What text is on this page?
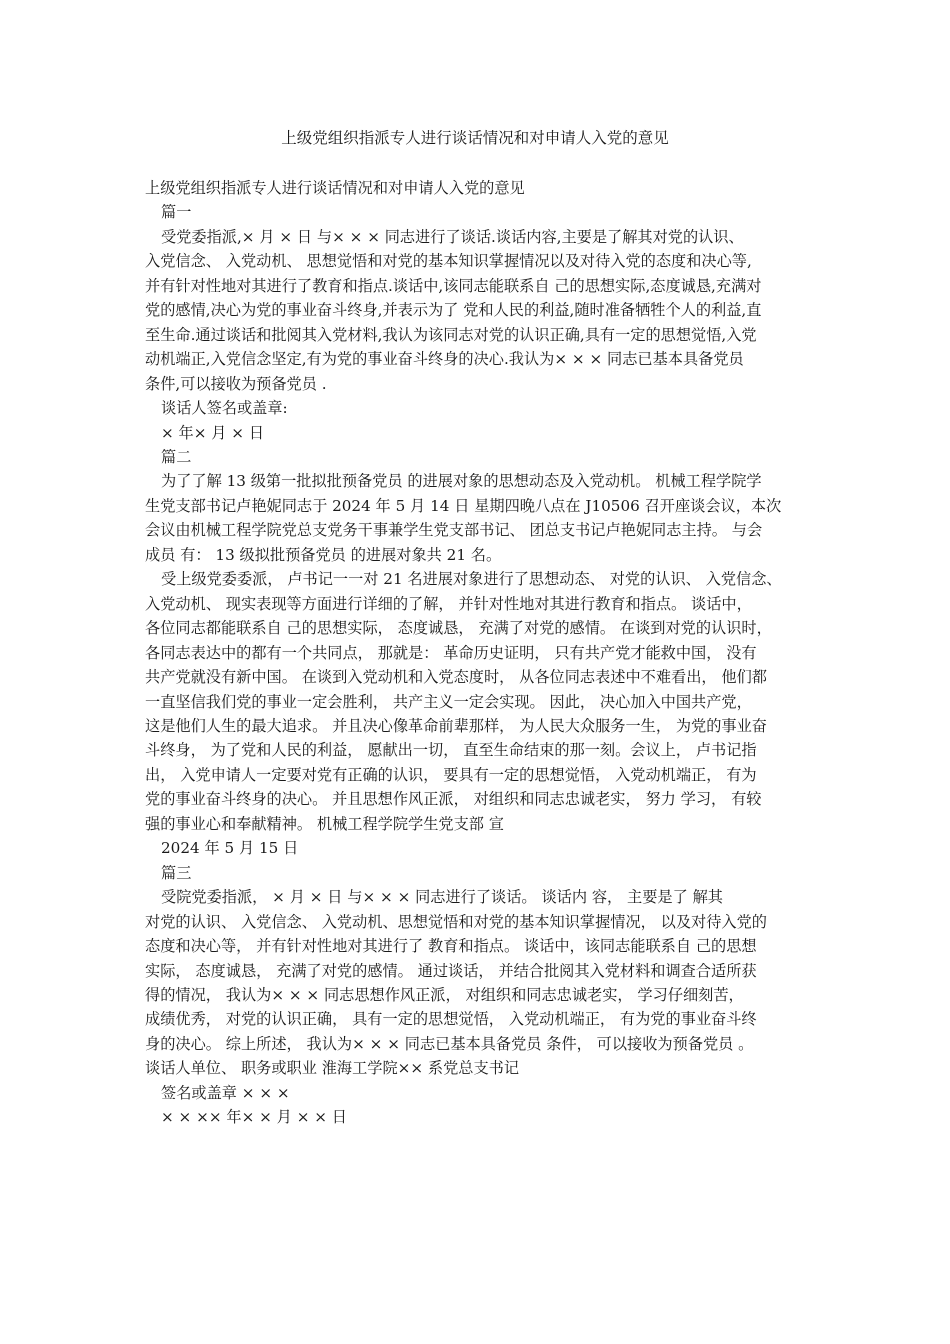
上级党组织指派专人进行谈话情况和对申请人入党的意见

上级党组织指派专人进行谈话情况和对申请人入党的意见

篇一

受党委指派,× 月 × 日 与× × × 同志进行了谈话.谈话内容,主要是了解其对党的认识、

入党信念、 入党动机、 思想觉悟和对党的基本知识掌握情况以及对待入党的态度和决心等,

并有针对性地对其进行了教育和指点.谈话中,该同志能联系自 己的思想实际,态度诚恳,充满对

党的感情,决心为党的事业奋斗终身,并表示为了 党和人民的利益,随时准备牺牲个人的利益,直

至生命.通过谈话和批阅其入党材料,我认为该同志对党的认识正确,具有一定的思想觉悟,入党

动机端正,入党信念坚定,有为党的事业奋斗终身的决心.我认为× × × 同志已基本具备党员

条件,可以接收为预备党员 .

谈话人签名或盖章:

× 年× 月 × 日

篇二

为了了解 13 级第一批拟批预备党员 的进展对象的思想动态及入党动机。 机械工程学院学

生党支部书记卢艳妮同志于 2024 年 5 月 14 日 星期四晚八点在 J10506 召开座谈会议，本次

会议由机械工程学院党总支党务干事兼学生党支部书记、 团总支书记卢艳妮同志主持。 与会

成员 有： 13 级拟批预备党员 的进展对象共 21 名。

受上级党委委派， 卢书记一一对 21 名进展对象进行了思想动态、 对党的认识、 入党信念、

入党动机、 现实表现等方面进行详细的了解， 并针对性地对其进行教育和指点。 谈话中，

各位同志都能联系自 己的思想实际， 态度诚恳， 充满了对党的感情。 在谈到对党的认识时，

各同志表达中的都有一个共同点， 那就是： 革命历史证明， 只有共产党才能救中国， 没有

共产党就没有新中国。 在谈到入党动机和入党态度时， 从各位同志表述中不难看出， 他们都

一直坚信我们党的事业一定会胜利， 共产主义一定会实现。 因此， 决心加入中国共产党，

这是他们人生的最大追求。 并且决心像革命前辈那样， 为人民大众服务一生， 为党的事业奋

斗终身， 为了党和人民的利益， 愿献出一切， 直至生命结束的那一刻。会议上， 卢书记指

出， 入党申请人一定要对党有正确的认识， 要具有一定的思想觉悟， 入党动机端正， 有为

党的事业奋斗终身的决心。 并且思想作风正派， 对组织和同志忠诚老实， 努力 学习， 有较

强的事业心和奉献精神。 机械工程学院学生党支部 宣

2024 年 5 月 15 日

篇三

受院党委指派， × 月 × 日 与× × × 同志进行了谈话。 谈话内 容， 主要是了 解其

对党的认识、 入党信念、 入党动机、思想觉悟和对党的基本知识掌握情况， 以及对待入党的

态度和决心等， 并有针对性地对其进行了 教育和指点。 谈话中，该同志能联系自 己的思想

实际， 态度诚恳， 充满了对党的感情。 通过谈话， 并结合批阅其入党材料和调查合适所获

得的情况， 我认为× × × 同志思想作风正派， 对组织和同志忠诚老实， 学习仔细刻苦，

成绩优秀， 对党的认识正确， 具有一定的思想觉悟， 入党动机端正， 有为党的事业奋斗终

身的决心。 综上所述， 我认为× × × 同志已基本具备党员 条件， 可以接收为预备党员 。

谈话人单位、 职务或职业 淮海工学院×× 系党总支书记

签名或盖章 × × ×

× × ×× 年× × 月 × × 日
